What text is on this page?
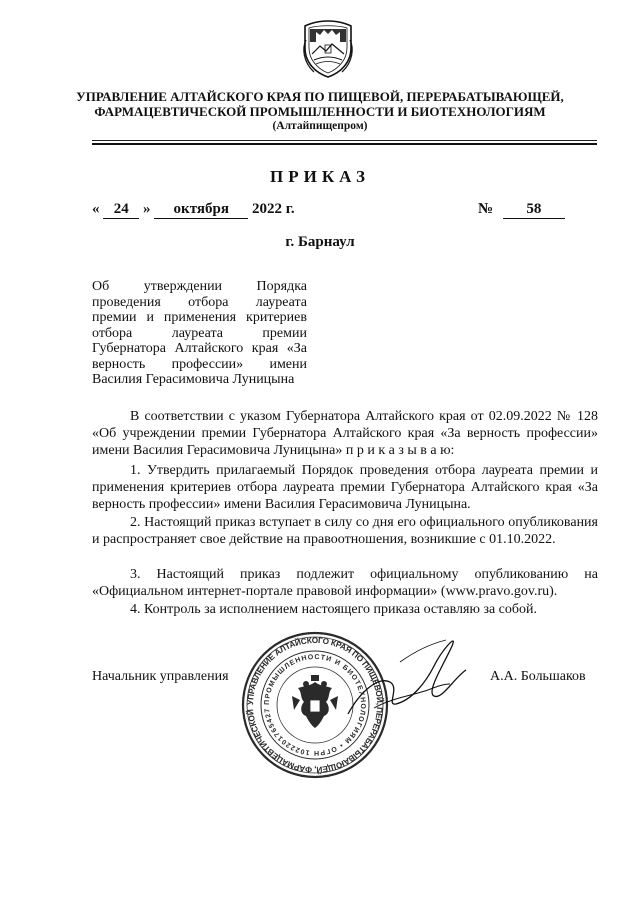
УПРАВЛЕНИЕ АЛТАЙСКОГО КРАЯ ПО ПИЩЕВОЙ, ПЕРЕРАБАТЫВАЮЩЕЙ,
ФАРМАЦЕВТИЧЕСКОЙ ПРОМЫШЛЕННОСТИ И БИОТЕХНОЛОГИЯМ
(Алтайпищепром)
ПРИКАЗ
« 24 » октября 2022 г.	№ 58
г. Барнаул
Об утверждении Порядка проведения отбора лауреата премии и применения критериев отбора лауреата премии Губернатора Алтайского края «За верность профессии» имени Василия Герасимовича Луницына
В соответствии с указом Губернатора Алтайского края от 02.09.2022 № 128 «Об учреждении премии Губернатора Алтайского края «За верность профессии» имени Василия Герасимовича Луницына» п р и к а з ы в а ю:
1. Утвердить прилагаемый Порядок проведения отбора лауреата премии и применения критериев отбора лауреата премии Губернатора Алтайского края «За верность профессии» имени Василия Герасимовича Луницына.
2. Настоящий приказ вступает в силу со дня его официального опубликования и распространяет свое действие на правоотношения, возникшие с 01.10.2022.
3. Настоящий приказ подлежит официальному опубликованию на «Официальном интернет-портале правовой информации» (www.pravo.gov.ru).
4. Контроль за исполнением настоящего приказа оставляю за собой.
Начальник управления	А.А. Большаков
УПРАВЛЕНИЕ АЛТАЙСКОГО КРАЯ ПО ПИЩЕВОЙ, ПЕРЕРАБАТЫВАЮЩЕЙ, ФАРМАЦЕВТИЧЕСКОЙ
ПРОМЫШЛЕННОСТИ И БИОТЕХНОЛОГИЯМ • ОГРН 1022201765427
